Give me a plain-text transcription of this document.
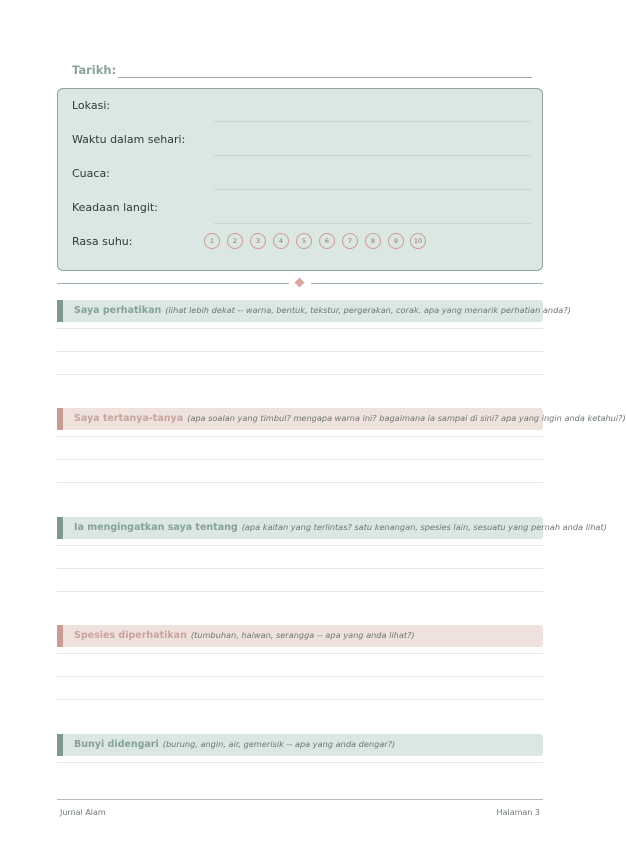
Tarikh:
Lokasi:
Waktu dalam sehari:
Cuaca:
Keadaan langit:
Rasa suhu:	1	2	3	4	5	6	7	8	9	10
Saya perhatikan (lihat lebih dekat -- warna, bentuk, tekstur, pergerakan, corak. apa yang menarik perhatian anda?)
Saya tertanya-tanya (apa soalan yang timbul? mengapa warna ini? bagaimana ia sampai di sini? apa yang ingin anda ketahui?)
Ia mengingatkan saya tentang (apa kaitan yang terlintas? satu kenangan, spesies lain, sesuatu yang pernah anda lihat)
Spesies diperhatikan (tumbuhan, haiwan, serangga -- apa yang anda lihat?)
Bunyi didengari (burung, angin, air, gemerisik -- apa yang anda dengar?)
Jurnal Alam	Halaman 3
